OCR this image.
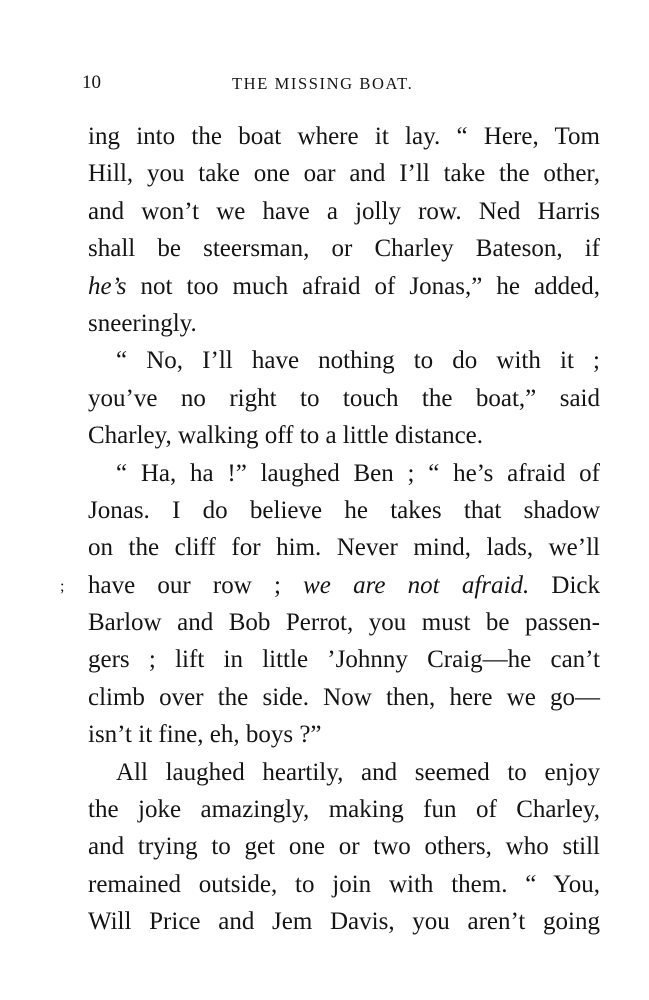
10	THE MISSING BOAT.
;
ing into the boat where it lay. “ Here, Tom
Hill, you take one oar and I’ll take the other,
and won’t we have a jolly row. Ned Harris
shall be steersman, or Charley Bateson, if
he’s not too much afraid of Jonas,” he added,
sneeringly.
“ No, I’ll have nothing to do with it ;
you’ve no right to touch the boat,” said
Charley, walking off to a little distance.
“ Ha, ha !” laughed Ben ; “ he’s afraid of
Jonas. I do believe he takes that shadow
on the cliff for him. Never mind, lads, we’ll
have our row ; we are not afraid. Dick
Barlow and Bob Perrot, you must be passen-
gers ; lift in little ’Johnny Craig—he can’t
climb over the side. Now then, here we go—
isn’t it fine, eh, boys ?”
All laughed heartily, and seemed to enjoy
the joke amazingly, making fun of Charley,
and trying to get one or two others, who still
remained outside, to join with them. “ You,
Will Price and Jem Davis, you aren’t going
